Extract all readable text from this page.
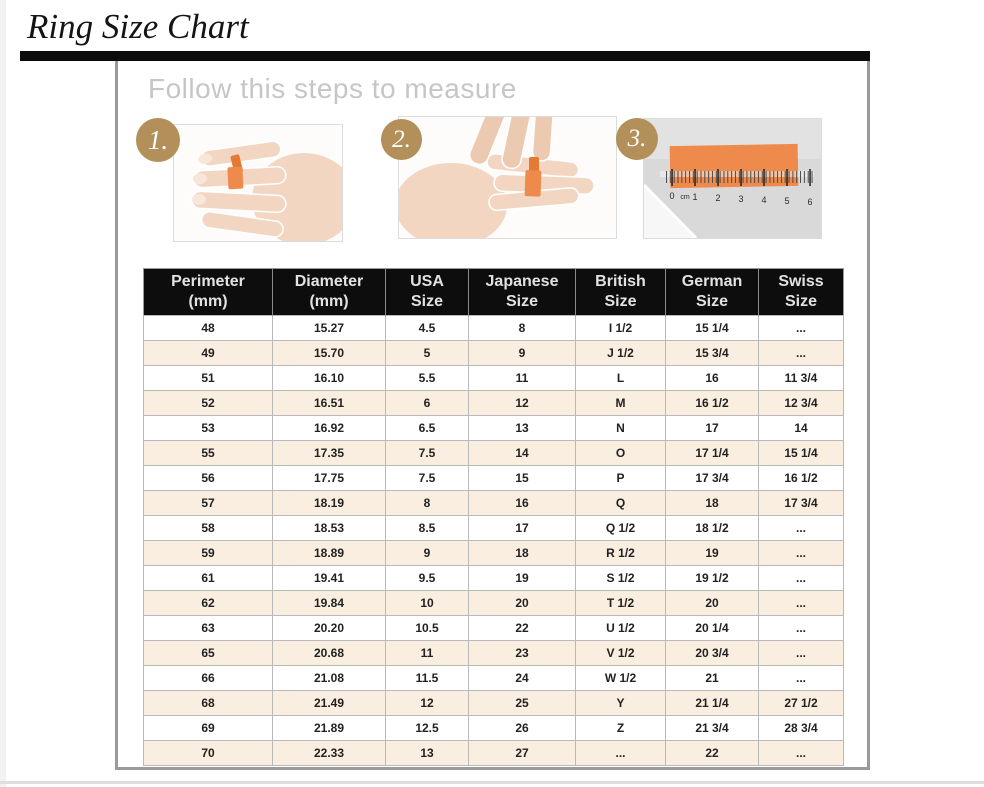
Ring Size Chart
Follow this steps to measure
1.	2.	3.
0 cm 1 2 3 4 5 6
Perimeter
(mm)

Diameter
(mm)

USA
Size

Japanese
Size

British
Size

German
Size

Swiss
Size

48	15.27	4.5	8	I 1/2	15 1/4	...
49	15.70	5	9	J 1/2	15 3/4	...
51	16.10	5.5	11	L	16	11 3/4
52	16.51	6	12	M	16 1/2	12 3/4
53	16.92	6.5	13	N	17	14
55	17.35	7.5	14	O	17 1/4	15 1/4
56	17.75	7.5	15	P	17 3/4	16 1/2
57	18.19	8	16	Q	18	17 3/4
58	18.53	8.5	17	Q 1/2	18 1/2	...
59	18.89	9	18	R 1/2	19	...
61	19.41	9.5	19	S 1/2	19 1/2	...
62	19.84	10	20	T 1/2	20	...
63	20.20	10.5	22	U 1/2	20 1/4	...
65	20.68	11	23	V 1/2	20 3/4	...
66	21.08	11.5	24	W 1/2	21	...
68	21.49	12	25	Y	21 1/4	27 1/2
69	21.89	12.5	26	Z	21 3/4	28 3/4
70	22.33	13	27	...	22	...
